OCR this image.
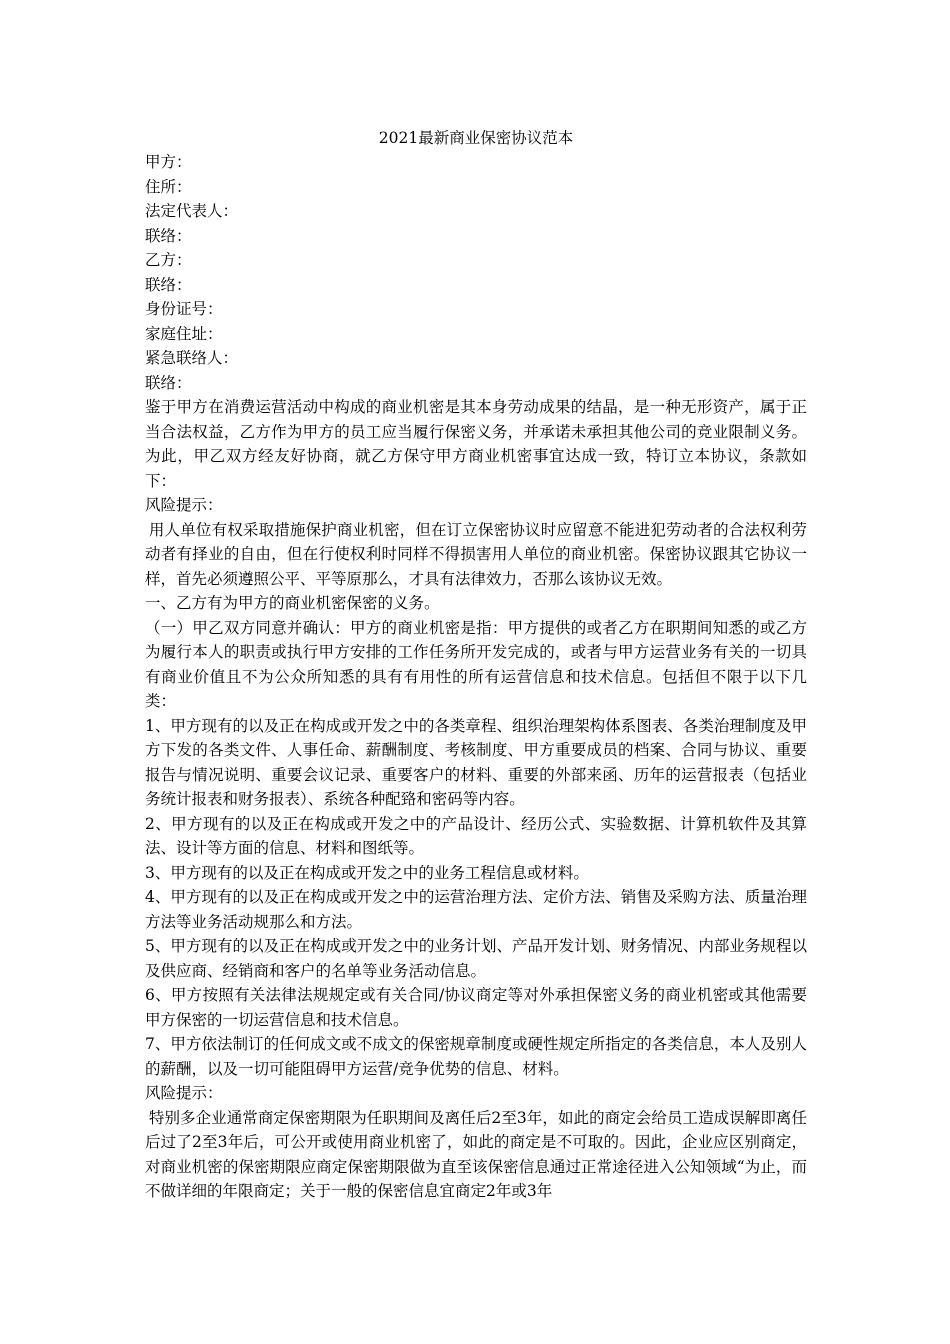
2021最新商业保密协议范本

甲方：

住所：

法定代表人：

联络：

乙方：

联络：

身份证号：

家庭住址：

紧急联络人：

联络：

鉴于甲方在消费运营活动中构成的商业机密是其本身劳动成果的结晶，是一种无形资产，属于正当合法权益，乙方作为甲方的员工应当履行保密义务，并承诺未承担其他公司的竞业限制义务。为此，甲乙双方经友好协商，就乙方保守甲方商业机密事宜达成一致，特订立本协议，条款如下：

风险提示：

用人单位有权采取措施保护商业机密，但在订立保密协议时应留意不能进犯劳动者的合法权利劳动者有择业的自由，但在行使权利时同样不得损害用人单位的商业机密。保密协议跟其它协议一样，首先必须遵照公平、平等原那么，才具有法律效力，否那么该协议无效。

一、乙方有为甲方的商业机密保密的义务。

（一）甲乙双方同意并确认：甲方的商业机密是指：甲方提供的或者乙方在职期间知悉的或乙方为履行本人的职责或执行甲方安排的工作任务所开发完成的，或者与甲方运营业务有关的一切具有商业价值且不为公众所知悉的具有有用性的所有运营信息和技术信息。包括但不限于以下几类：

1、甲方现有的以及正在构成或开发之中的各类章程、组织治理架构体系图表、各类治理制度及甲方下发的各类文件、人事任命、薪酬制度、考核制度、甲方重要成员的档案、合同与协议、重要报告与情况说明、重要会议记录、重要客户的材料、重要的外部来函、历年的运营报表（包括业务统计报表和财务报表）、系统各种配臵和密码等内容。

2、甲方现有的以及正在构成或开发之中的产品设计、经历公式、实验数据、计算机软件及其算法、设计等方面的信息、材料和图纸等。

3、甲方现有的以及正在构成或开发之中的业务工程信息或材料。

4、甲方现有的以及正在构成或开发之中的运营治理方法、定价方法、销售及采购方法、质量治理方法等业务活动规那么和方法。

5、甲方现有的以及正在构成或开发之中的业务计划、产品开发计划、财务情况、内部业务规程以及供应商、经销商和客户的名单等业务活动信息。

6、甲方按照有关法律法规规定或有关合同/协议商定等对外承担保密义务的商业机密或其他需要甲方保密的一切运营信息和技术信息。

7、甲方依法制订的任何成文或不成文的保密规章制度或硬性规定所指定的各类信息，本人及别人的薪酬，以及一切可能阻碍甲方运营/竞争优势的信息、材料。

风险提示：

特别多企业通常商定保密期限为任职期间及离任后2至3年，如此的商定会给员工造成误解即离任后过了2至3年后，可公开或使用商业机密了，如此的商定是不可取的。因此，企业应区别商定，对商业机密的保密期限应商定保密期限做为直至该保密信息通过正常途径进入公知领域“为止，而不做详细的年限商定；关于一般的保密信息宜商定2年或3年
